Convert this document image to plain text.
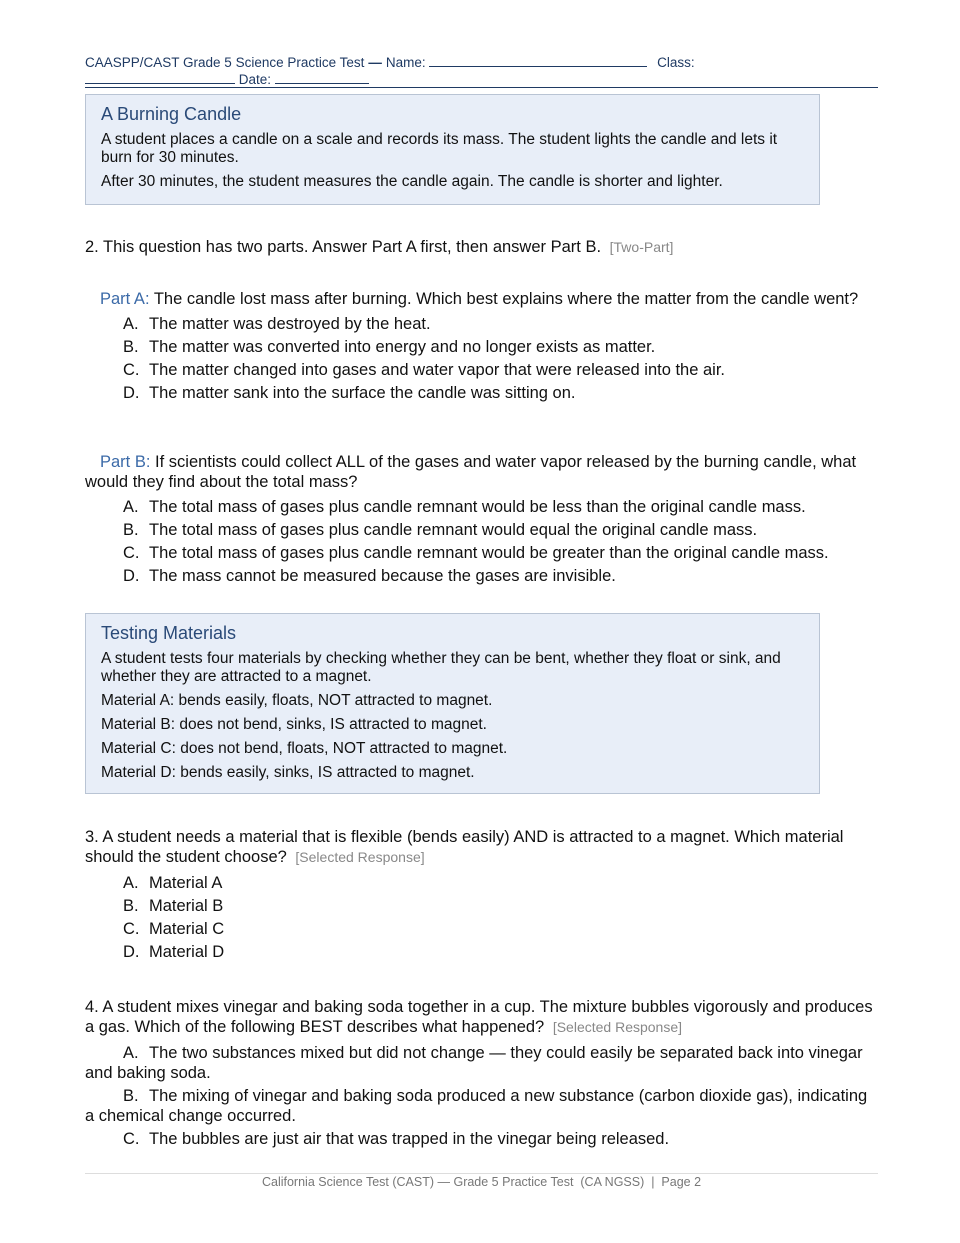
CAASPP/CAST Grade 5 Science Practice Test — Name:	Class:
Date:
A Burning Candle

A student places a candle on a scale and records its mass. The student lights the candle and lets it burn for 30 minutes.

After 30 minutes, the student measures the candle again. The candle is shorter and lighter.

2. This question has two parts. Answer Part A first, then answer Part B. [Two-Part]
Part A: The candle lost mass after burning. Which best explains where the matter from the candle went?
A. The matter was destroyed by the heat.
B. The matter was converted into energy and no longer exists as matter.
C. The matter changed into gases and water vapor that were released into the air.
D. The matter sank into the surface the candle was sitting on.
Part B: If scientists could collect ALL of the gases and water vapor released by the burning candle, what would they find about the total mass?
A. The total mass of gases plus candle remnant would be less than the original candle mass.
B. The total mass of gases plus candle remnant would equal the original candle mass.
C. The total mass of gases plus candle remnant would be greater than the original candle mass.
D. The mass cannot be measured because the gases are invisible.
Testing Materials

A student tests four materials by checking whether they can be bent, whether they float or sink, and whether they are attracted to a magnet.

Material A: bends easily, floats, NOT attracted to magnet.

Material B: does not bend, sinks, IS attracted to magnet.

Material C: does not bend, floats, NOT attracted to magnet.

Material D: bends easily, sinks, IS attracted to magnet.

3. A student needs a material that is flexible (bends easily) AND is attracted to a magnet. Which material should the student choose? [Selected Response]
A. Material A
B. Material B
C. Material C
D. Material D
4. A student mixes vinegar and baking soda together in a cup. The mixture bubbles vigorously and produces a gas. Which of the following BEST describes what happened? [Selected Response]
A. The two substances mixed but did not change — they could easily be separated back into vinegar and baking soda.
B. The mixing of vinegar and baking soda produced a new substance (carbon dioxide gas), indicating a chemical change occurred.
C. The bubbles are just air that was trapped in the vinegar being released.
California Science Test (CAST) — Grade 5 Practice Test  (CA NGSS)  |  Page 2
